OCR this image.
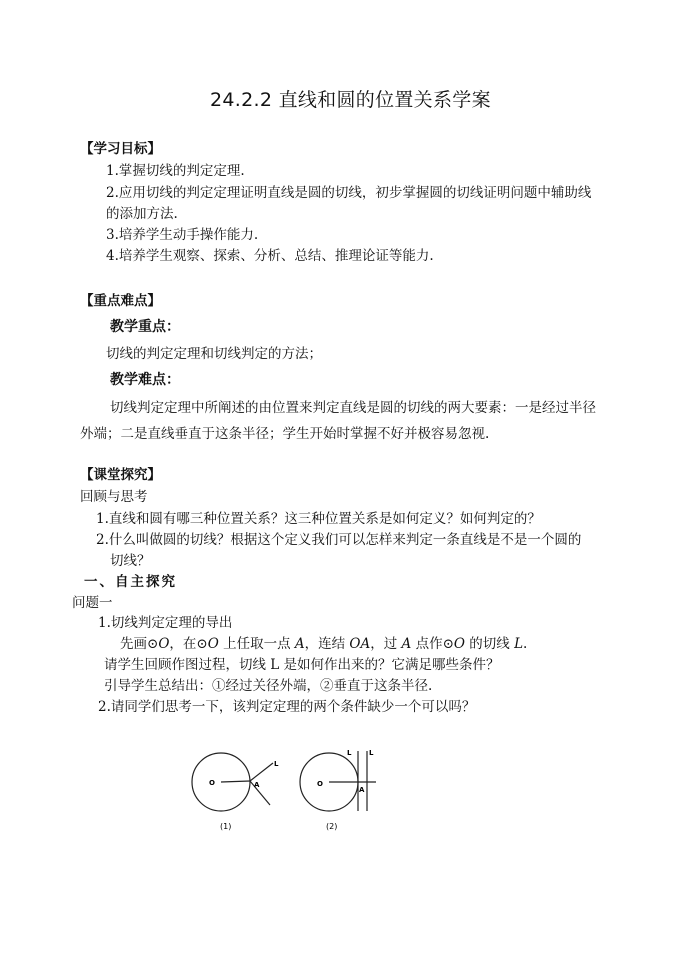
24.2.2 直线和圆的位置关系学案
【学习目标】
1.掌握切线的判定定理.
2.应用切线的判定定理证明直线是圆的切线，初步掌握圆的切线证明问题中辅助线
的添加方法.
3.培养学生动手操作能力.
4.培养学生观察、探索、分析、总结、推理论证等能力.
【重点难点】
教学重点：
切线的判定定理和切线判定的方法；
教学难点：
切线判定定理中所阐述的由位置来判定直线是圆的切线的两大要素：一是经过半径
外端；二是直线垂直于这条半径；学生开始时掌握不好并极容易忽视.
【课堂探究】
回顾与思考
1.直线和圆有哪三种位置关系？这三种位置关系是如何定义？如何判定的？
2.什么叫做圆的切线？根据这个定义我们可以怎样来判定一条直线是不是一个圆的
切线？
一、自主探究
问题一
1.切线判定定理的导出
先画⊙O，在⊙O 上任取一点 A，连结 OA，过 A 点作⊙O 的切线 L.
请学生回顾作图过程，切线 L 是如何作出来的？它满足哪些条件？
引导学生总结出：①经过关径外端，②垂直于这条半径.
2.请同学们思考一下，该判定定理的两个条件缺少一个可以吗？
O	A
L
(1)
O
A
L	L
(2)
